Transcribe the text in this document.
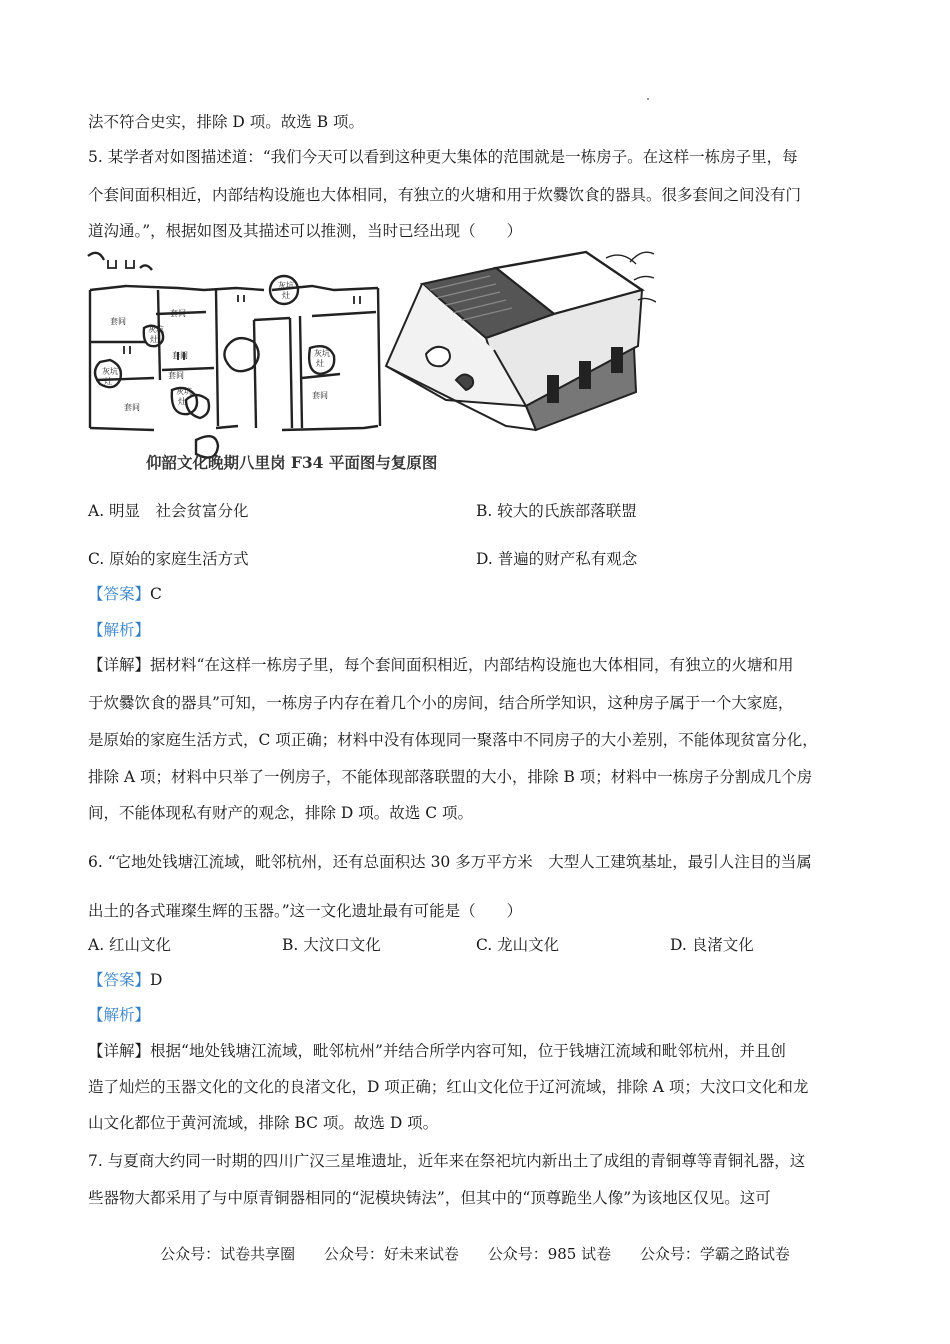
法不符合史实，排除 D 项。故选 B 项。
5. 某学者对如图描述道：“我们今天可以看到这种更大集体的范围就是一栋房子。在这样一栋房子里，每
个套间面积相近，内部结构设施也大体相同，有独立的火塘和用于炊爨饮食的器具。很多套间之间没有门
道沟通。”，根据如图及其描述可以推测，当时已经出现（　　）
套间
套间
套间
套间
套间
套间
灰坑
灶
灰坑
灶
灰坑
灶
灰坑
灶
灰坑
灶
仰韶文化晚期八里岗 F34 平面图与复原图
A. 明显　社会贫富分化	B. 较大的氏族部落联盟
C. 原始的家庭生活方式	D. 普遍的财产私有观念
【答案】C
【解析】
【详解】据材料“在这样一栋房子里，每个套间面积相近，内部结构设施也大体相同，有独立的火塘和用
于炊爨饮食的器具”可知，一栋房子内存在着几个小的房间，结合所学知识，这种房子属于一个大家庭，
是原始的家庭生活方式，C 项正确；材料中没有体现同一聚落中不同房子的大小差别，不能体现贫富分化，
排除 A 项；材料中只举了一例房子，不能体现部落联盟的大小，排除 B 项；材料中一栋房子分割成几个房
间，不能体现私有财产的观念，排除 D 项。故选 C 项。
6. “它地处钱塘江流域，毗邻杭州，还有总面积达 30 多万平方米　大型人工建筑基址，最引人注目的当属
出土的各式璀璨生辉的玉器。”这一文化遗址最有可能是（　　）
A. 红山文化	B. 大汶口文化	C. 龙山文化	D. 良渚文化
【答案】D
【解析】
【详解】根据“地处钱塘江流域，毗邻杭州”并结合所学内容可知，位于钱塘江流域和毗邻杭州，并且创
造了灿烂的玉器文化的文化的良渚文化，D 项正确；红山文化位于辽河流域，排除 A 项；大汶口文化和龙
山文化都位于黄河流域，排除 BC 项。故选 D 项。
7. 与夏商大约同一时期的四川广汉三星堆遗址，近年来在祭祀坑内新出土了成组的青铜尊等青铜礼器，这
些器物大都采用了与中原青铜器相同的“泥模块铸法”，但其中的“顶尊跪坐人像”为该地区仅见。这可
公众号：试卷共享圈 公众号：好未来试卷 公众号：985 试卷 公众号：学霸之路试卷
